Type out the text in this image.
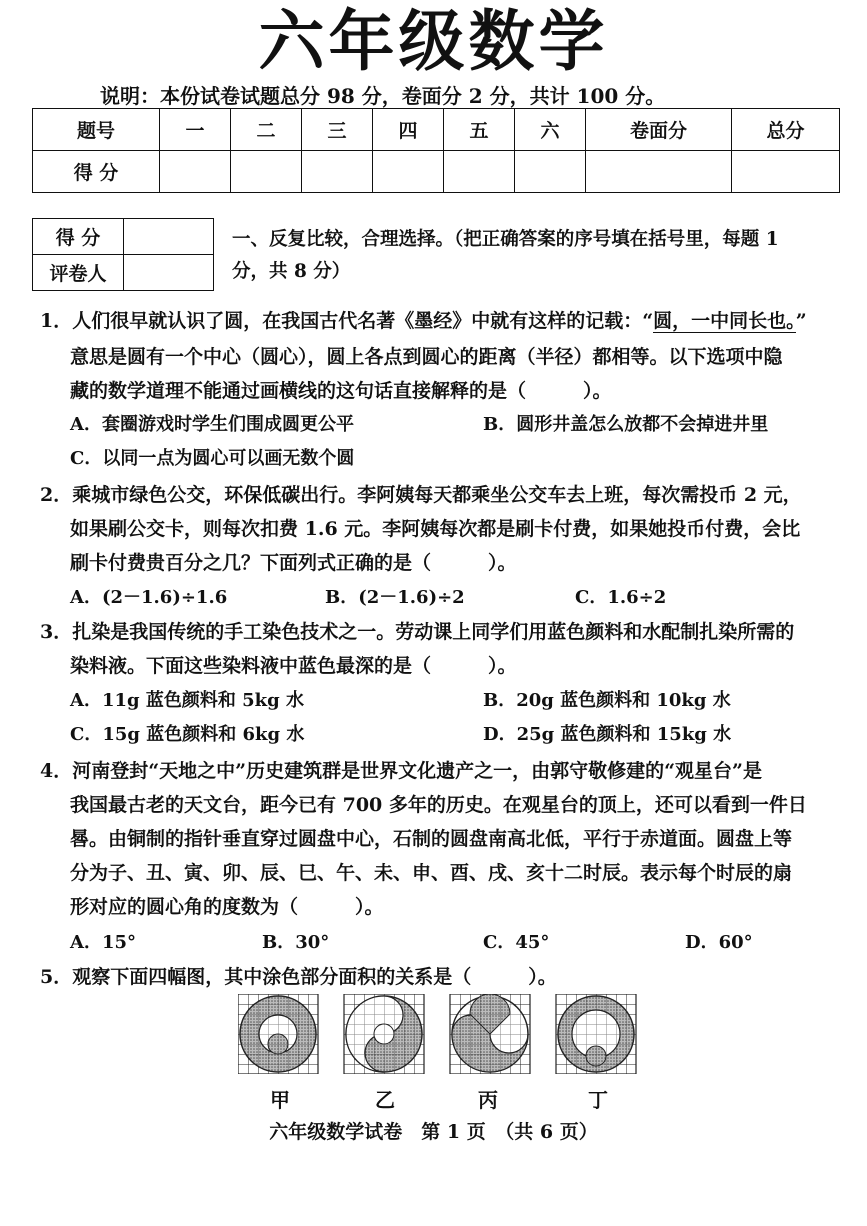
六年级数学
说明：本份试卷试题总分 98 分，卷面分 2 分，共计 100 分。
题号	一	二	三	四	五	六	卷面分	总分
得 分								
得 分	
评卷人	
一、反复比较，合理选择。（把正确答案的序号填在括号里，每题 1
分，共 8 分）
1．人们很早就认识了圆，在我国古代名著《墨经》中就有这样的记载：“圆，一中同长也。”
意思是圆有一个中心（圆心），圆上各点到圆心的距离（半径）都相等。以下选项中隐
藏的数学道理不能通过画横线的这句话直接解释的是（　　　）。
A．套圈游戏时学生们围成圆更公平	B．圆形井盖怎么放都不会掉进井里
C．以同一点为圆心可以画无数个圆
2．乘城市绿色公交，环保低碳出行。李阿姨每天都乘坐公交车去上班，每次需投币 2 元，
如果刷公交卡，则每次扣费 1.6 元。李阿姨每次都是刷卡付费，如果她投币付费，会比
刷卡付费贵百分之几？下面列式正确的是（　　　）。
A．(2－1.6)÷1.6	B．(2－1.6)÷2	C．1.6÷2
3．扎染是我国传统的手工染色技术之一。劳动课上同学们用蓝色颜料和水配制扎染所需的
染料液。下面这些染料液中蓝色最深的是（　　　）。
A．11g 蓝色颜料和 5kg 水	B．20g 蓝色颜料和 10kg 水
C．15g 蓝色颜料和 6kg 水	D．25g 蓝色颜料和 15kg 水
4．河南登封“天地之中”历史建筑群是世界文化遗产之一，由郭守敬修建的“观星台”是
我国最古老的天文台，距今已有 700 多年的历史。在观星台的顶上，还可以看到一件日
晷。由铜制的指针垂直穿过圆盘中心，石制的圆盘南高北低，平行于赤道面。圆盘上等
分为子、丑、寅、卯、辰、巳、午、未、申、酉、戌、亥十二时辰。表示每个时辰的扇
形对应的圆心角的度数为（　　　）。
A．15°	B．30°	C．45°	D．60°
5．观察下面四幅图，其中涂色部分面积的关系是（　　　）。
甲	乙	丙	丁
六年级数学试卷　第 1 页　（共 6 页）
